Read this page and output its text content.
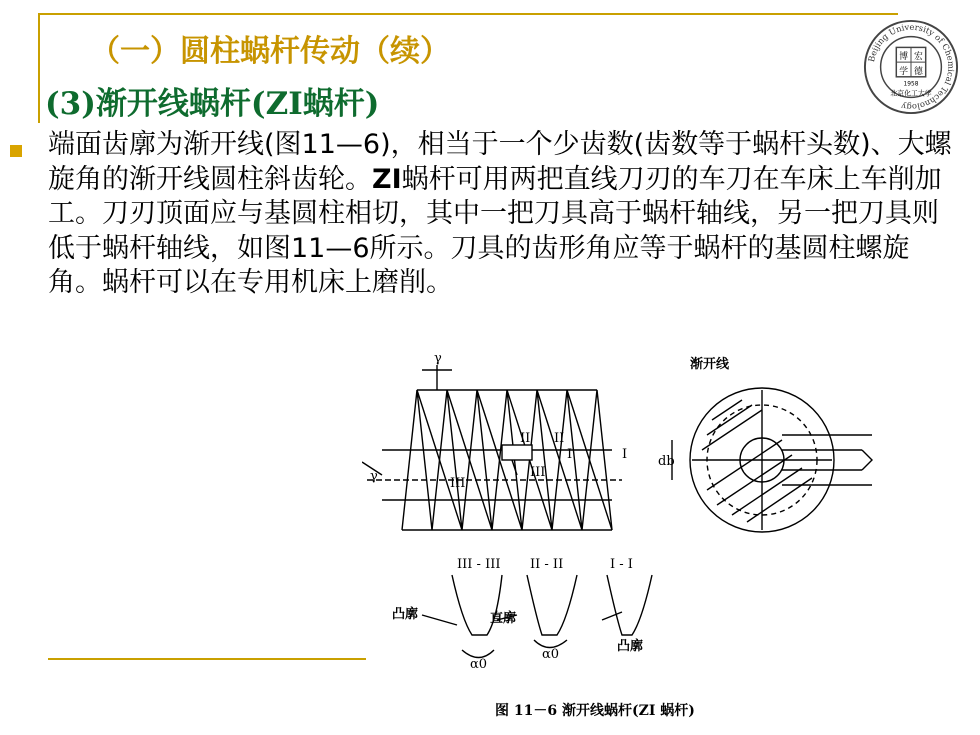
（一）圆柱蜗杆传动（续）
(3)渐开线蜗杆(ZI蜗杆)
端面齿廓为渐开线(图11—6)，相当于一个少齿数(齿数等于蜗杆头数)、大螺旋角的渐开线圆柱斜齿轮。ZI蜗杆可用两把直线刀刃的车刀在车床上车削加工。刀刃顶面应与基圆柱相切，其中一把刀具高于蜗杆轴线，另一把刀具则低于蜗杆轴线，如图11—6所示。刀具的齿形角应等于蜗杆的基圆柱螺旋角。蜗杆可以在专用机床上磨削。
Beijing University of Chemical Technology
博 宏
学 德
1958
北京化工大学
γ
γ
II II
I	I
III
III
db
渐开线
III - III II - II	I - I
凸廓	直廓
凸廓
α0
α0
图 11－6 渐开线蜗杆(ZI 蜗杆)
